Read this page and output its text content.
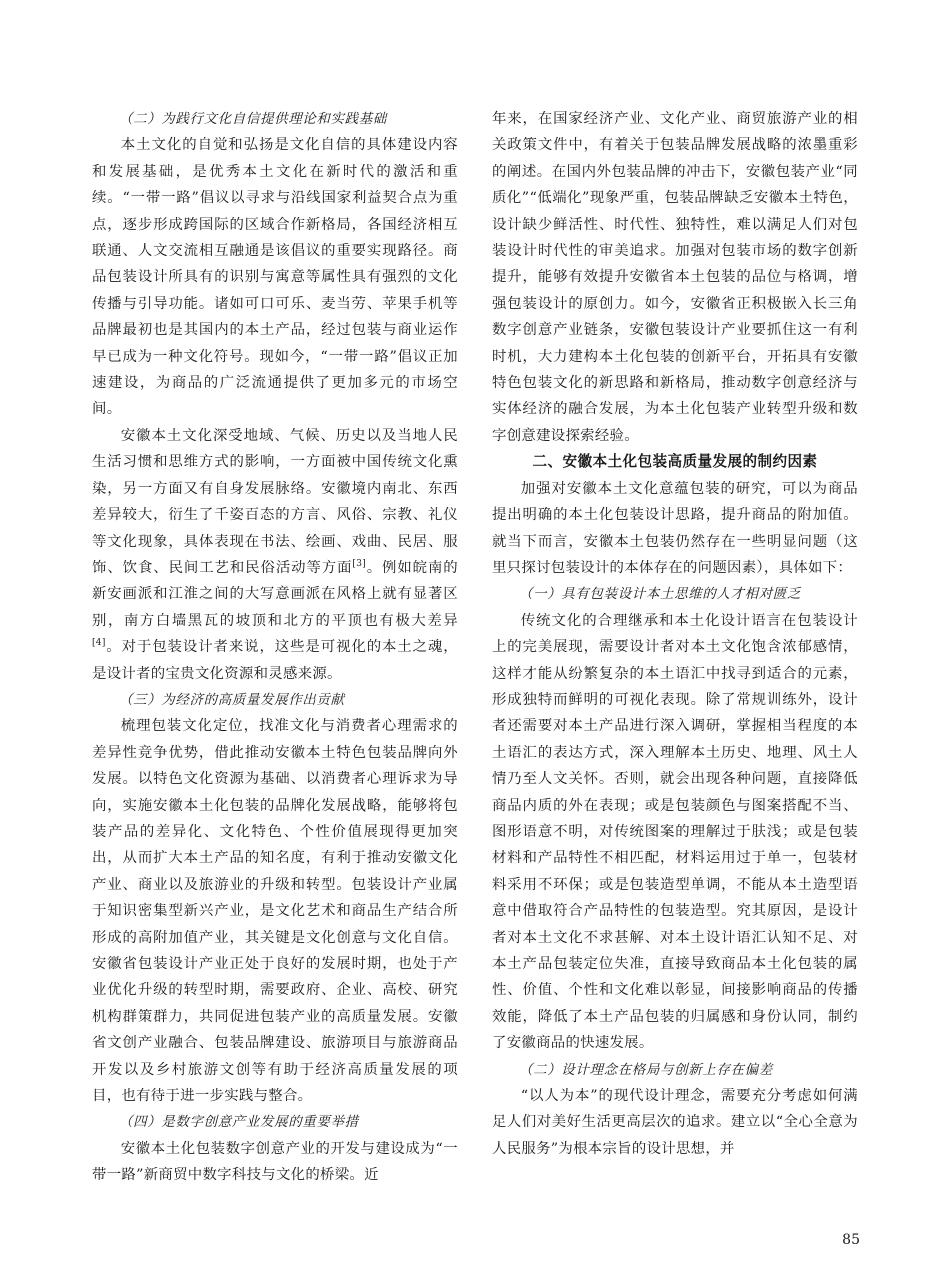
（二）为践行文化自信提供理论和实践基础

本土文化的自觉和弘扬是文化自信的具体建设内容和发展基础，是优秀本土文化在新时代的激活和重续。“一带一路”倡议以寻求与沿线国家利益契合点为重点，逐步形成跨国际的区域合作新格局，各国经济相互联通、人文交流相互融通是该倡议的重要实现路径。商品包装设计所具有的识别与寓意等属性具有强烈的文化传播与引导功能。诸如可口可乐、麦当劳、苹果手机等品牌最初也是其国内的本土产品，经过包装与商业运作早已成为一种文化符号。现如今，“一带一路”倡议正加速建设，为商品的广泛流通提供了更加多元的市场空间。

安徽本土文化深受地域、气候、历史以及当地人民生活习惯和思维方式的影响，一方面被中国传统文化熏染，另一方面又有自身发展脉络。安徽境内南北、东西差异较大，衍生了千姿百态的方言、风俗、宗教、礼仪等文化现象，具体表现在书法、绘画、戏曲、民居、服饰、饮食、民间工艺和民俗活动等方面[3]。例如皖南的新安画派和江淮之间的大写意画派在风格上就有显著区别，南方白墙黑瓦的坡顶和北方的平顶也有极大差异[4]。对于包装设计者来说，这些是可视化的本土之魂，是设计者的宝贵文化资源和灵感来源。

（三）为经济的高质量发展作出贡献

梳理包装文化定位，找准文化与消费者心理需求的差异性竞争优势，借此推动安徽本土特色包装品牌向外发展。以特色文化资源为基础、以消费者心理诉求为导向，实施安徽本土化包装的品牌化发展战略，能够将包装产品的差异化、文化特色、个性价值展现得更加突出，从而扩大本土产品的知名度，有利于推动安徽文化产业、商业以及旅游业的升级和转型。包装设计产业属于知识密集型新兴产业，是文化艺术和商品生产结合所形成的高附加值产业，其关键是文化创意与文化自信。安徽省包装设计产业正处于良好的发展时期，也处于产业优化升级的转型时期，需要政府、企业、高校、研究机构群策群力，共同促进包装产业的高质量发展。安徽省文创产业融合、包装品牌建设、旅游项目与旅游商品开发以及乡村旅游文创等有助于经济高质量发展的项目，也有待于进一步实践与整合。

（四）是数字创意产业发展的重要举措

安徽本土化包装数字创意产业的开发与建设成为“一带一路”新商贸中数字科技与文化的桥梁。近

年来，在国家经济产业、文化产业、商贸旅游产业的相关政策文件中，有着关于包装品牌发展战略的浓墨重彩的阐述。在国内外包装品牌的冲击下，安徽包装产业“同质化”“低端化”现象严重，包装品牌缺乏安徽本土特色，设计缺少鲜活性、时代性、独特性，难以满足人们对包装设计时代性的审美追求。加强对包装市场的数字创新提升，能够有效提升安徽省本土包装的品位与格调，增强包装设计的原创力。如今，安徽省正积极嵌入长三角数字创意产业链条，安徽包装设计产业要抓住这一有利时机，大力建构本土化包装的创新平台，开拓具有安徽特色包装文化的新思路和新格局，推动数字创意经济与实体经济的融合发展，为本土化包装产业转型升级和数字创意建设探索经验。

二、安徽本土化包装高质量发展的制约因素

加强对安徽本土文化意蕴包装的研究，可以为商品提出明确的本土化包装设计思路，提升商品的附加值。就当下而言，安徽本土包装仍然存在一些明显问题（这里只探讨包装设计的本体存在的问题因素），具体如下：

（一）具有包装设计本土思维的人才相对匮乏

传统文化的合理继承和本土化设计语言在包装设计上的完美展现，需要设计者对本土文化饱含浓郁感情，这样才能从纷繁复杂的本土语汇中找寻到适合的元素，形成独特而鲜明的可视化表现。除了常规训练外，设计者还需要对本土产品进行深入调研，掌握相当程度的本土语汇的表达方式，深入理解本土历史、地理、风土人情乃至人文关怀。否则，就会出现各种问题，直接降低商品内质的外在表现；或是包装颜色与图案搭配不当、图形语意不明，对传统图案的理解过于肤浅；或是包装材料和产品特性不相匹配，材料运用过于单一，包装材料采用不环保；或是包装造型单调，不能从本土造型语意中借取符合产品特性的包装造型。究其原因，是设计者对本土文化不求甚解、对本土设计语汇认知不足、对本土产品包装定位失准，直接导致商品本土化包装的属性、价值、个性和文化难以彰显，间接影响商品的传播效能，降低了本土产品包装的归属感和身份认同，制约了安徽商品的快速发展。

（二）设计理念在格局与创新上存在偏差

“以人为本”的现代设计理念，需要充分考虑如何满足人们对美好生活更高层次的追求。建立以“全心全意为人民服务”为根本宗旨的设计思想，并

85
